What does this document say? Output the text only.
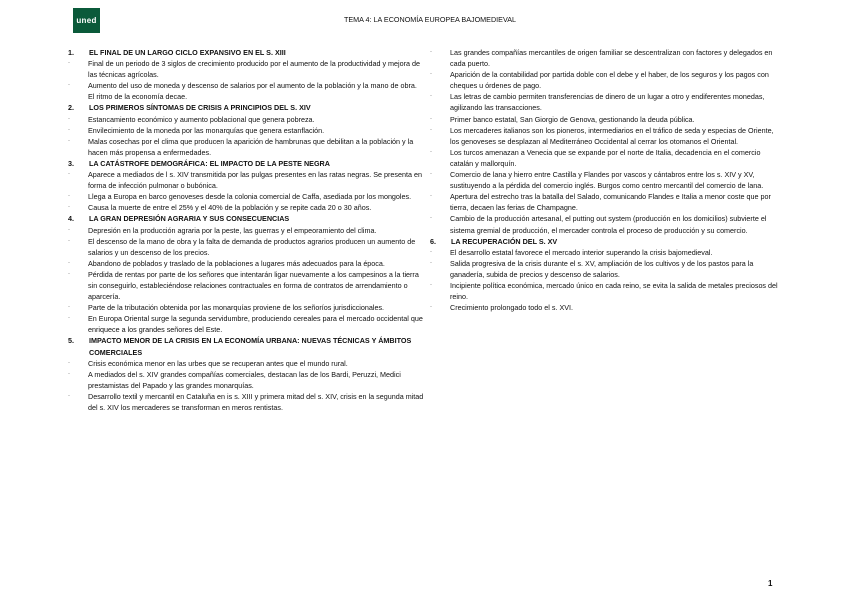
uned	TEMA 4: LA ECONOMÍA EUROPEA BAJOMEDIEVAL
1.	EL FINAL DE UN LARGO CICLO EXPANSIVO EN EL S. XIII
·	Final de un periodo de 3 siglos de crecimiento producido por el aumento de la productividad y mejora de las técnicas agrícolas.
·	Aumento del uso de moneda y descenso de salarios por el aumento de la población y la mano de obra. El ritmo de la economía decae.
2.	LOS PRIMEROS SÍNTOMAS DE CRISIS A PRINCIPIOS DEL S. XIV
·	Estancamiento económico y aumento poblacional que genera pobreza.
·	Envilecimiento de la moneda por las monarquías que genera estanflación.
·	Malas cosechas por el clima que producen la aparición de hambrunas que debilitan a la población y la hacen más propensa a enfermedades.
3.	LA CATÁSTROFE DEMOGRÁFICA: EL IMPACTO DE LA PESTE NEGRA
·	Aparece a mediados de l s. XIV transmitida por las pulgas presentes en las ratas negras. Se presenta en forma de infección pulmonar o bubónica.
·	Llega a Europa en barco genoveses desde la colonia comercial de Caffa, asediada por los mongoles.
·	Causa la muerte de entre el 25% y el 40% de la población y se repite cada 20 o 30 años.
4.	LA GRAN DEPRESIÓN AGRARIA Y SUS CONSECUENCIAS
·	Depresión en la producción agraria por la peste, las guerras y el empeoramiento del clima.
·	El descenso de la mano de obra y la falta de demanda de productos agrarios producen un aumento de salarios y un descenso de los precios.
·	Abandono de poblados y traslado de la poblaciones a lugares más adecuados para la época.
·	Pérdida de rentas por parte de los señores que intentarán ligar nuevamente a los campesinos a la tierra sin conseguirlo, estableciéndose relaciones contractuales en forma de contratos de arrendamiento o aparcería.
·	Parte de la tributación obtenida por las monarquías proviene de los señoríos jurisdiccionales.
·	En Europa Oriental surge la segunda servidumbre, produciendo cereales para el mercado occidental que enriquece a los grandes señores del Este.
5.	IMPACTO MENOR DE LA CRISIS EN LA ECONOMÍA URBANA: NUEVAS TÉCNICAS Y ÁMBITOS COMERCIALES
·	Crisis económica menor en las urbes que se recuperan antes que el mundo rural.
·	A mediados del s. XIV grandes compañías comerciales, destacan las de los Bardi, Peruzzi, Medici prestamistas del Papado y las grandes monarquías.
·	Desarrollo textil y mercantil en Cataluña en is s. XIII y primera mitad del s. XIV, crisis en la segunda mitad del s. XIV los mercaderes se transforman en meros rentistas.
·	Las grandes compañías mercantiles de origen familiar se descentralizan con factores y delegados en cada puerto.
·	Aparición de la contabilidad por partida doble con el debe y el haber, de los seguros y los pagos con cheques u órdenes de pago.
·	Las letras de cambio permiten transferencias de dinero de un lugar a otro y endiferentes monedas, agilizando las transacciones.
·	Primer banco estatal, San Giorgio de Genova, gestionando la deuda pública.
·	Los mercaderes italianos son los pioneros, intermediarios en el tráfico de seda y especias de Oriente, los genoveses se desplazan al Mediterráneo Occidental al cerrar los otomanos el Oriental.
·	Los turcos amenazan a Venecia que se expande por el norte de Italia, decadencia en el comercio catalán y mallorquín.
·	Comercio de lana y hierro entre Castilla y Flandes por vascos y cántabros entre los s. XIV y XV, sustituyendo a la pérdida del comercio inglés. Burgos como centro mercantil del comercio de lana.
·	Apertura del estrecho tras la batalla del Salado, comunicando Flandes e Italia a menor coste que por tierra, decaen las ferias de Champagne.
·	Cambio de la producción artesanal, el putting out system (producción en los domicilios) subvierte el sistema gremial de producción, el mercader controla el proceso de producción y su comercio.
6.	LA RECUPERACIÓN DEL S. XV
·	El desarrollo estatal favorece el mercado interior superando la crisis bajomedieval.
·	Salida progresiva de la crisis durante el s. XV, ampliación de los cultivos y de los pastos para la ganadería, subida de precios y descenso de salarios.
·	Incipiente política económica, mercado único en cada reino, se evita la salida de metales preciosos del reino.
·	Crecimiento prolongado todo el s. XVI.
1
